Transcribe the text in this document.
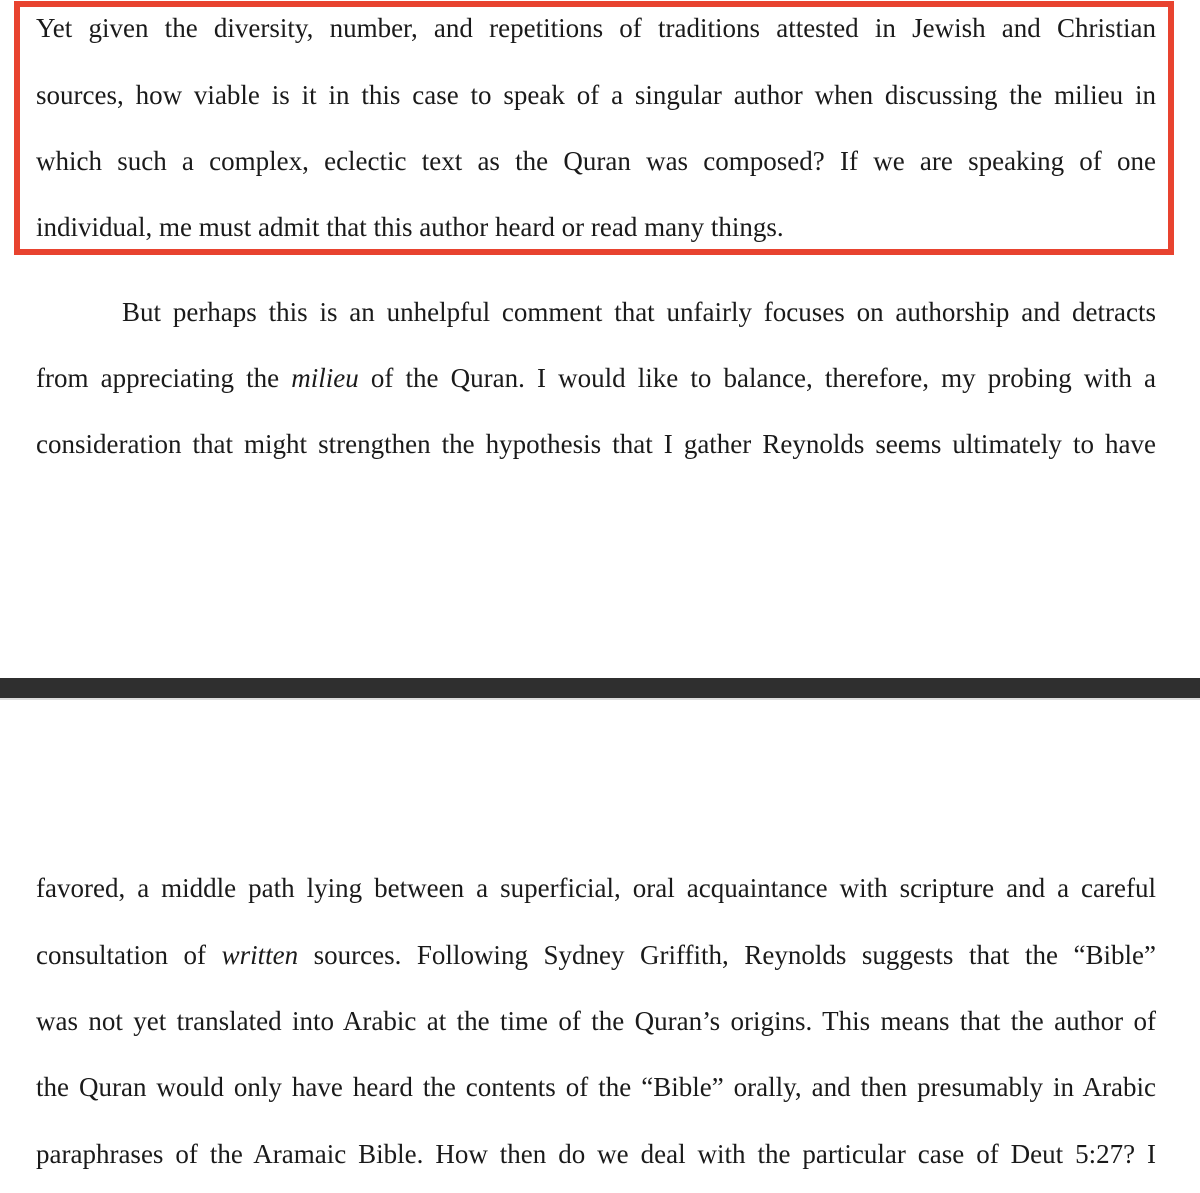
Yet given the diversity, number, and repetitions of traditions attested in Jewish and Christian

sources, how viable is it in this case to speak of a singular author when discussing the milieu in

which such a complex, eclectic text as the Quran was composed? If we are speaking of one

individual, me must admit that this author heard or read many things.

But perhaps this is an unhelpful comment that unfairly focuses on authorship and detracts

from appreciating the milieu of the Quran. I would like to balance, therefore, my probing with a

consideration that might strengthen the hypothesis that I gather Reynolds seems ultimately to have

favored, a middle path lying between a superficial, oral acquaintance with scripture and a careful

consultation of written sources. Following Sydney Griffith, Reynolds suggests that the “Bible”

was not yet translated into Arabic at the time of the Quran’s origins. This means that the author of

the Quran would only have heard the contents of the “Bible” orally, and then presumably in Arabic

paraphrases of the Aramaic Bible. How then do we deal with the particular case of Deut 5:27? I
